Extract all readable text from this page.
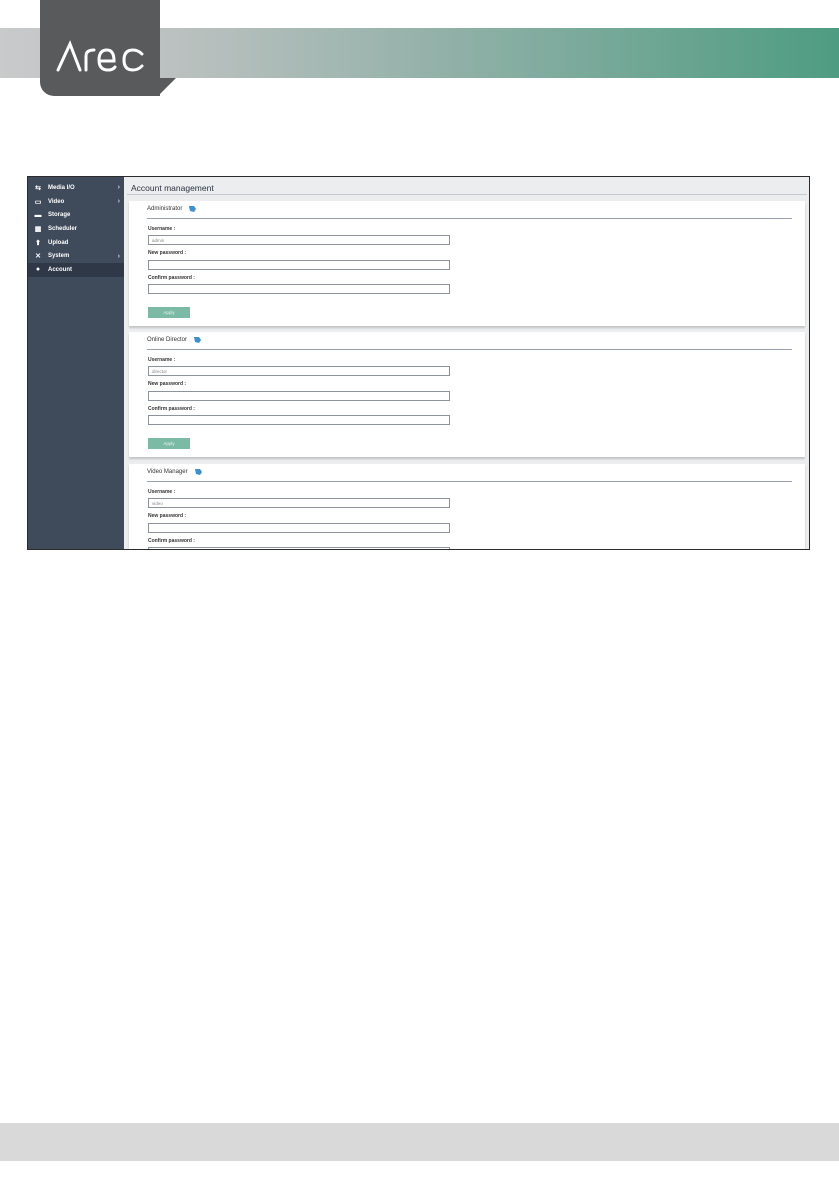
⇆	Media I/O	›
▭ Video	›
▬ Storage
▦ Scheduler
⬆	Upload
✕	System	›
●	Account
Account management
Administrator
Username :
admin
New password :
Confirm password :
Apply
Online Director
Username :
director
New password :
Confirm password :
Apply
Video Manager
Username :
video
New password :
Confirm password :
